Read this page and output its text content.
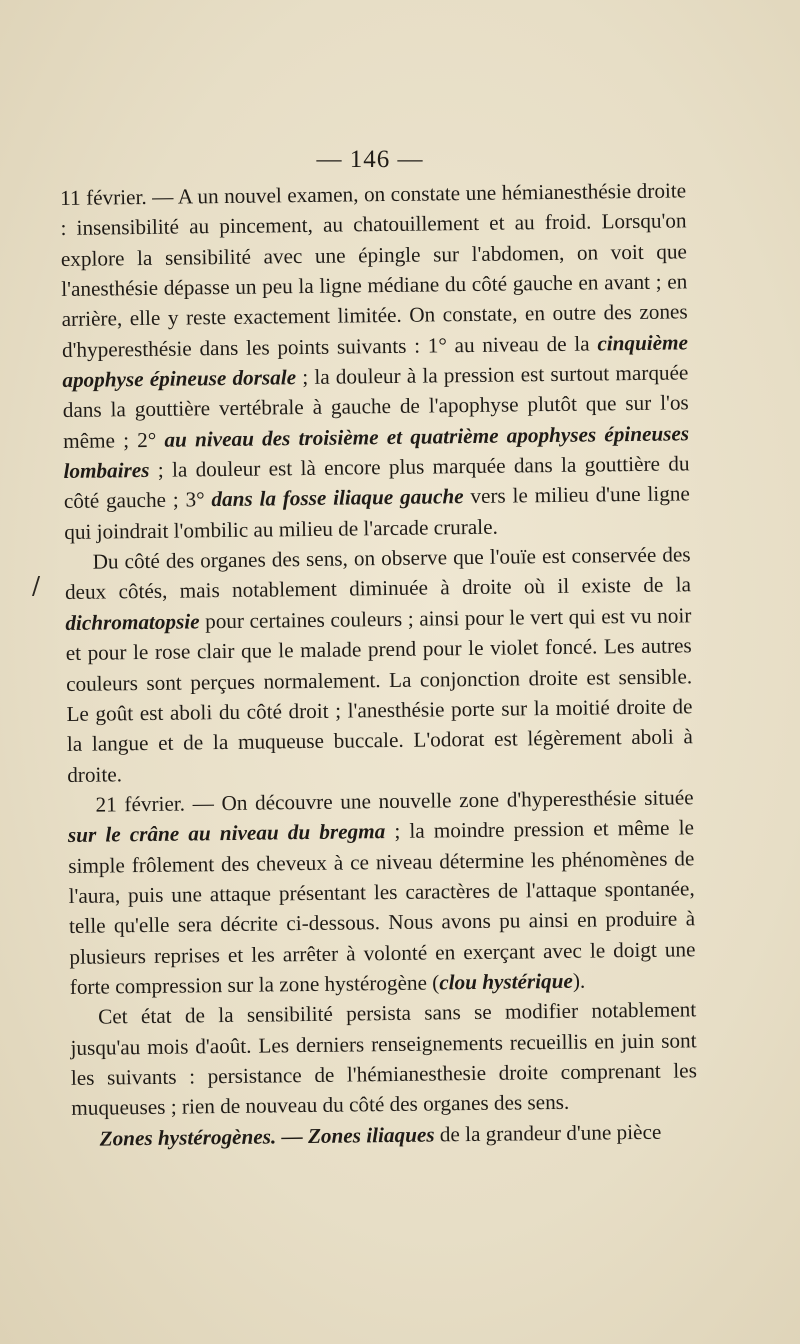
— 146 —
/

11 février. — A un nouvel examen, on constate une hémianesthésie droite : insensibilité au pincement, au chatouillement et au froid. Lorsqu'on explore la sensibilité avec une épingle sur l'abdomen, on voit que l'anesthésie dépasse un peu la ligne médiane du côté gauche en avant ; en arrière, elle y reste exactement limitée. On constate, en outre des zones d'hyperesthésie dans les points suivants : 1° au niveau de la cinquième apophyse épineuse dorsale ; la douleur à la pression est surtout marquée dans la gouttière vertébrale à gauche de l'apophyse plutôt que sur l'os même ; 2° au niveau des troisième et quatrième apophyses épineuses lombaires ; la douleur est là encore plus marquée dans la gouttière du côté gauche ; 3° dans la fosse iliaque gauche vers le milieu d'une ligne qui joindrait l'ombilic au milieu de l'arcade crurale.

Du côté des organes des sens, on observe que l'ouïe est conservée des deux côtés, mais notablement diminuée à droite où il existe de la dichromatopsie pour certaines couleurs ; ainsi pour le vert qui est vu noir et pour le rose clair que le malade prend pour le violet foncé. Les autres couleurs sont perçues normalement. La conjonction droite est sensible. Le goût est aboli du côté droit ; l'anesthésie porte sur la moitié droite de la langue et de la muqueuse buccale. L'odorat est légèrement aboli à droite.

21 février. — On découvre une nouvelle zone d'hyperesthésie située sur le crâne au niveau du bregma ; la moindre pression et même le simple frôlement des cheveux à ce niveau détermine les phénomènes de l'aura, puis une attaque présentant les caractères de l'attaque spontanée, telle qu'elle sera décrite ci-dessous. Nous avons pu ainsi en produire à plusieurs reprises et les arrêter à volonté en exerçant avec le doigt une forte compression sur la zone hystérogène (clou hystérique).

Cet état de la sensibilité persista sans se modifier notablement jusqu'au mois d'août. Les derniers renseignements recueillis en juin sont les suivants : persistance de l'hémianesthesie droite comprenant les muqueuses ; rien de nouveau du côté des organes des sens.

Zones hystérogènes. — Zones iliaques de la grandeur d'une pièce
